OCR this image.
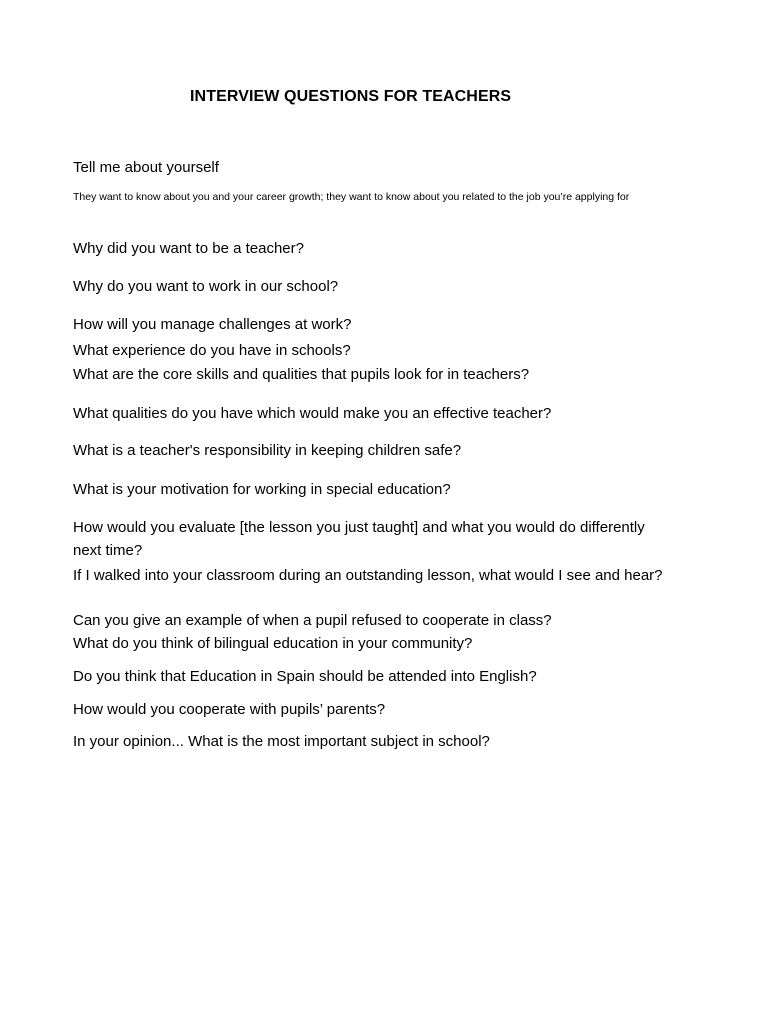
INTERVIEW QUESTIONS FOR TEACHERS
Tell me about yourself
They want to know about you and your career growth; they want to know about you related to the job you’re applying for
Why did you want to be a teacher?
Why do you want to work in our school?
How will you manage challenges at work?
What experience do you have in schools?
What are the core skills and qualities that pupils look for in teachers?
What qualities do you have which would make you an effective teacher?
What is a teacher's responsibility in keeping children safe?
What is your motivation for working in special education?
How would you evaluate [the lesson you just taught] and what you would do differently next time?
If I walked into your classroom during an outstanding lesson, what would I see and hear?
Can you give an example of when a pupil refused to cooperate in class?
What do you think of bilingual education in your community?
Do you think that Education in Spain should be attended into English?
How would you cooperate with pupils’ parents?
In your opinion... What is the most important subject in school?
